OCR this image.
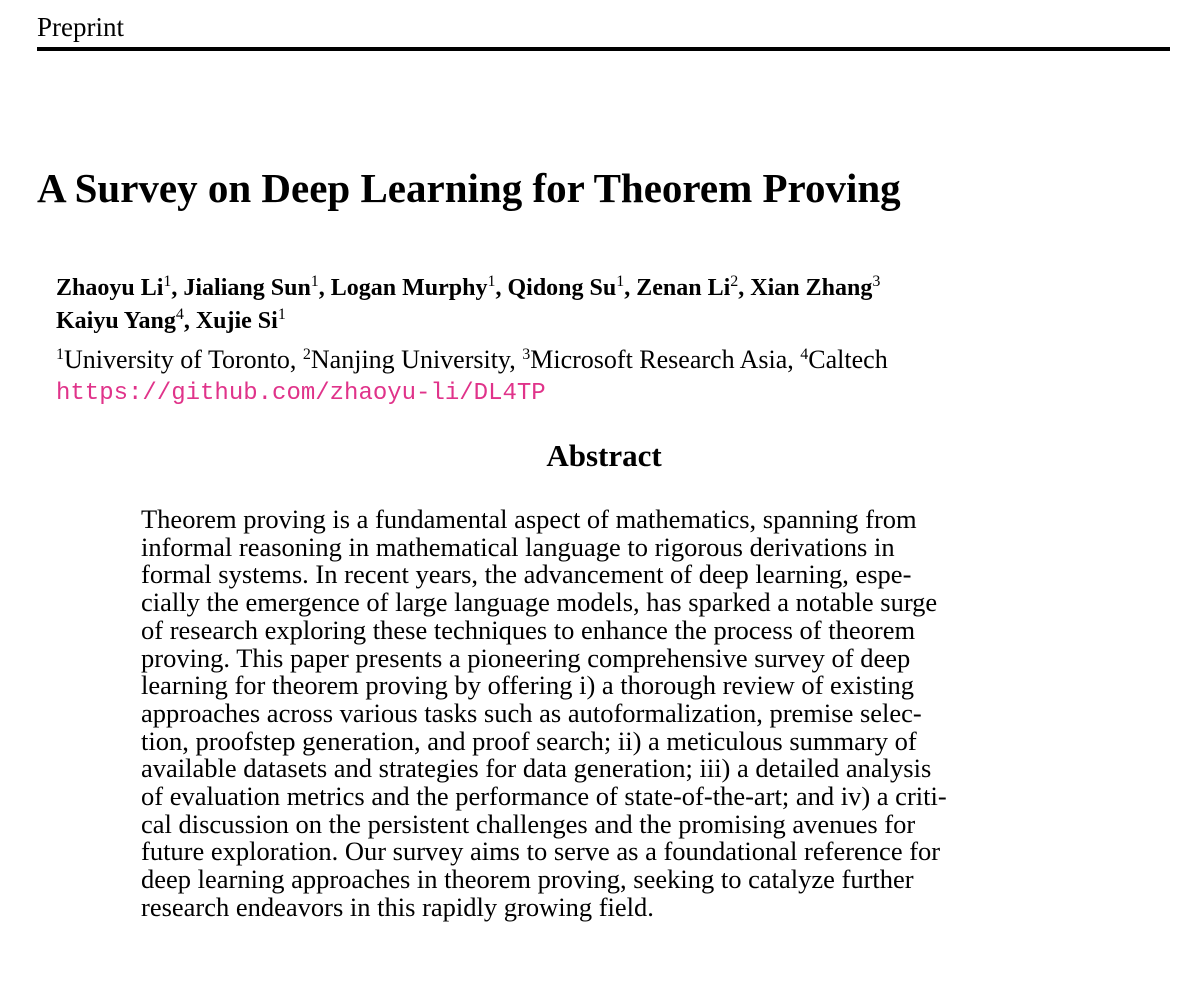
Preprint
A Survey on Deep Learning for Theorem Proving
Zhaoyu Li$^1$, Jialiang Sun$^1$, Logan Murphy$^1$, Qidong Su$^1$, Zenan Li$^2$, Xian Zhang$^3$
Kaiyu Yang$^4$, Xujie Si$^1$
$^1$University of Toronto, $^2$Nanjing University, $^3$Microsoft Research Asia, $^4$Caltech
https://github.com/zhaoyu-li/DL4TP
Abstract
Theorem proving is a fundamental aspect of mathematics, spanning from
informal reasoning in mathematical language to rigorous derivations in
formal systems. In recent years, the advancement of deep learning, espe-
cially the emergence of large language models, has sparked a notable surge
of research exploring these techniques to enhance the process of theorem
proving. This paper presents a pioneering comprehensive survey of deep
learning for theorem proving by offering i) a thorough review of existing
approaches across various tasks such as autoformalization, premise selec-
tion, proofstep generation, and proof search; ii) a meticulous summary of
available datasets and strategies for data generation; iii) a detailed analysis
of evaluation metrics and the performance of state-of-the-art; and iv) a criti-
cal discussion on the persistent challenges and the promising avenues for
future exploration. Our survey aims to serve as a foundational reference for
deep learning approaches in theorem proving, seeking to catalyze further
research endeavors in this rapidly growing field.
